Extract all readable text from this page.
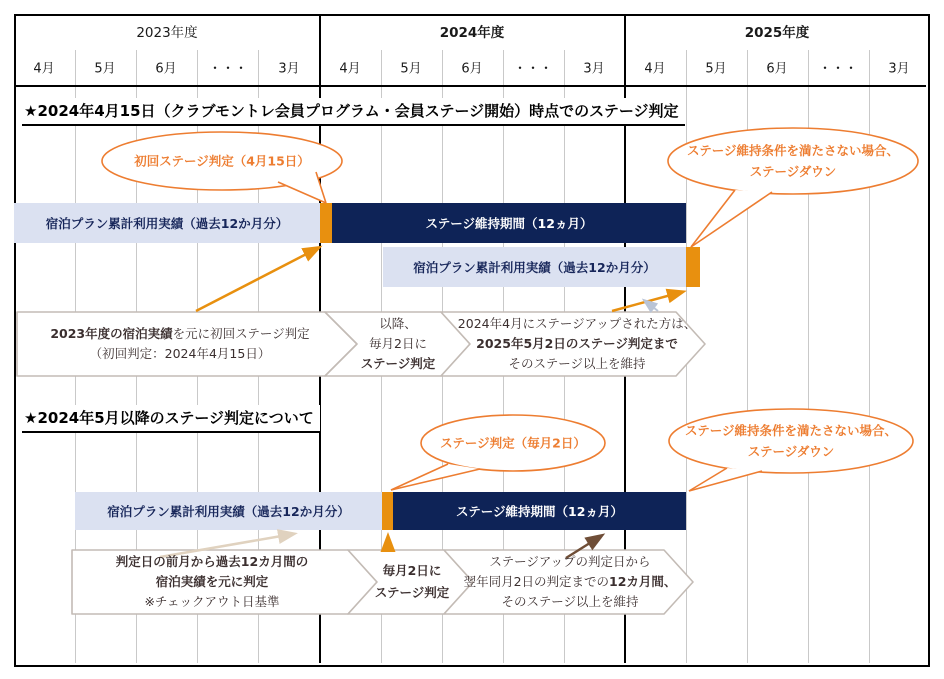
2023年度	2024年度	2025年度
4月	5月	6月 ・・・ 3月	4月	5月	6月 ・・・ 3月	4月	5月	6月 ・・・ 3月
★2024年4月15日（クラブモントレ会員プログラム・会員ステージ開始）時点でのステージ判定
★2024年5月以降のステージ判定について
宿泊プラン累計利用実績（過去12か月分）	ステージ維持期間（12ヵ月）
宿泊プラン累計利用実績（過去12か月分）
宿泊プラン累計利用実績（過去12か月分）	ステージ維持期間（12ヵ月）
初回ステージ判定（4月15日）
ステージ維持条件を満たさない場合、
ステージダウン
ステージ判定（毎月2日）
ステージ維持条件を満たさない場合、
ステージダウン
2023年度の宿泊実績を元に初回ステージ判定
（初回判定：2024年4月15日）
以降、
毎月2日に
ステージ判定
2024年4月にステージアップされた方は、
2025年5月2日のステージ判定まで
そのステージ以上を維持
判定日の前月から過去12カ月間の
宿泊実績を元に判定
※チェックアウト日基準
毎月2日に
ステージ判定
ステージアップの判定日から
翌年同月2日の判定までの12カ月間、
そのステージ以上を維持
